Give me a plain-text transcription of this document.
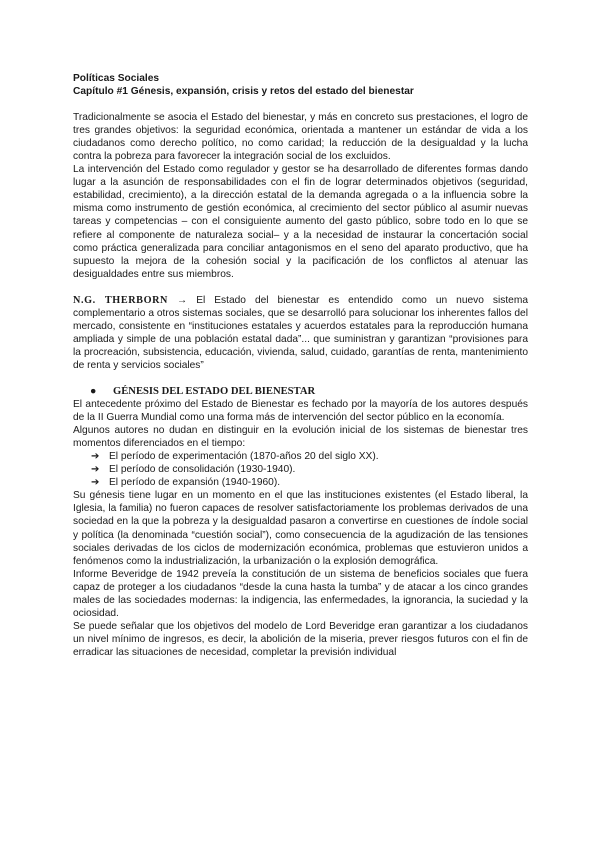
Políticas Sociales

Capítulo #1 Génesis, expansión, crisis y retos del estado del bienestar

Tradicionalmente se asocia el Estado del bienestar, y más en concreto sus prestaciones, el logro de tres grandes objetivos: la seguridad económica, orientada a mantener un estándar de vida a los ciudadanos como derecho político, no como caridad; la reducción de la desigualdad y la lucha contra la pobreza para favorecer la integración social de los excluidos.

La intervención del Estado como regulador y gestor se ha desarrollado de diferentes formas dando lugar a la asunción de responsabilidades con el fin de lograr determinados objetivos (seguridad, estabilidad, crecimiento), a la dirección estatal de la demanda agregada o a la influencia sobre la misma como instrumento de gestión económica, al crecimiento del sector público al asumir nuevas tareas y competencias – con el consiguiente aumento del gasto público, sobre todo en lo que se refiere al componente de naturaleza social– y a la necesidad de instaurar la concertación social como práctica generalizada para conciliar antagonismos en el seno del aparato productivo, que ha supuesto la mejora de la cohesión social y la pacificación de los conflictos al atenuar las desigualdades entre sus miembros.

N.G. THERBORN → El Estado del bienestar es entendido como un nuevo sistema complementario a otros sistemas sociales, que se desarrolló para solucionar los inherentes fallos del mercado, consistente en “instituciones estatales y acuerdos estatales para la reproducción humana ampliada y simple de una población estatal dada”... que suministran y garantizan “provisiones para la procreación, subsistencia, educación, vivienda, salud, cuidado, garantías de renta, mantenimiento de renta y servicios sociales”

●	GÉNESIS DEL ESTADO DEL BIENESTAR

El antecedente próximo del Estado de Bienestar es fechado por la mayoría de los autores después de la II Guerra Mundial como una forma más de intervención del sector público en la economía.

Algunos autores no dudan en distinguir en la evolución inicial de los sistemas de bienestar tres momentos diferenciados en el tiempo:

➔ El período de experimentación (1870-años 20 del siglo XX).
➔ El período de consolidación (1930-1940).
➔ El período de expansión (1940-1960).

Su génesis tiene lugar en un momento en el que las instituciones existentes (el Estado liberal, la Iglesia, la familia) no fueron capaces de resolver satisfactoriamente los problemas derivados de una sociedad en la que la pobreza y la desigualdad pasaron a convertirse en cuestiones de índole social y política (la denominada “cuestión social”), como consecuencia de la agudización de las tensiones sociales derivadas de los ciclos de modernización económica, problemas que estuvieron unidos a fenómenos como la industrialización, la urbanización o la explosión demográfica.

Informe Beveridge de 1942 preveía la constitución de un sistema de beneficios sociales que fuera capaz de proteger a los ciudadanos “desde la cuna hasta la tumba” y de atacar a los cinco grandes males de las sociedades modernas: la indigencia, las enfermedades, la ignorancia, la suciedad y la ociosidad.

Se puede señalar que los objetivos del modelo de Lord Beveridge eran garantizar a los ciudadanos un nivel mínimo de ingresos, es decir, la abolición de la miseria, prever riesgos futuros con el fin de erradicar las situaciones de necesidad, completar la previsión individual
